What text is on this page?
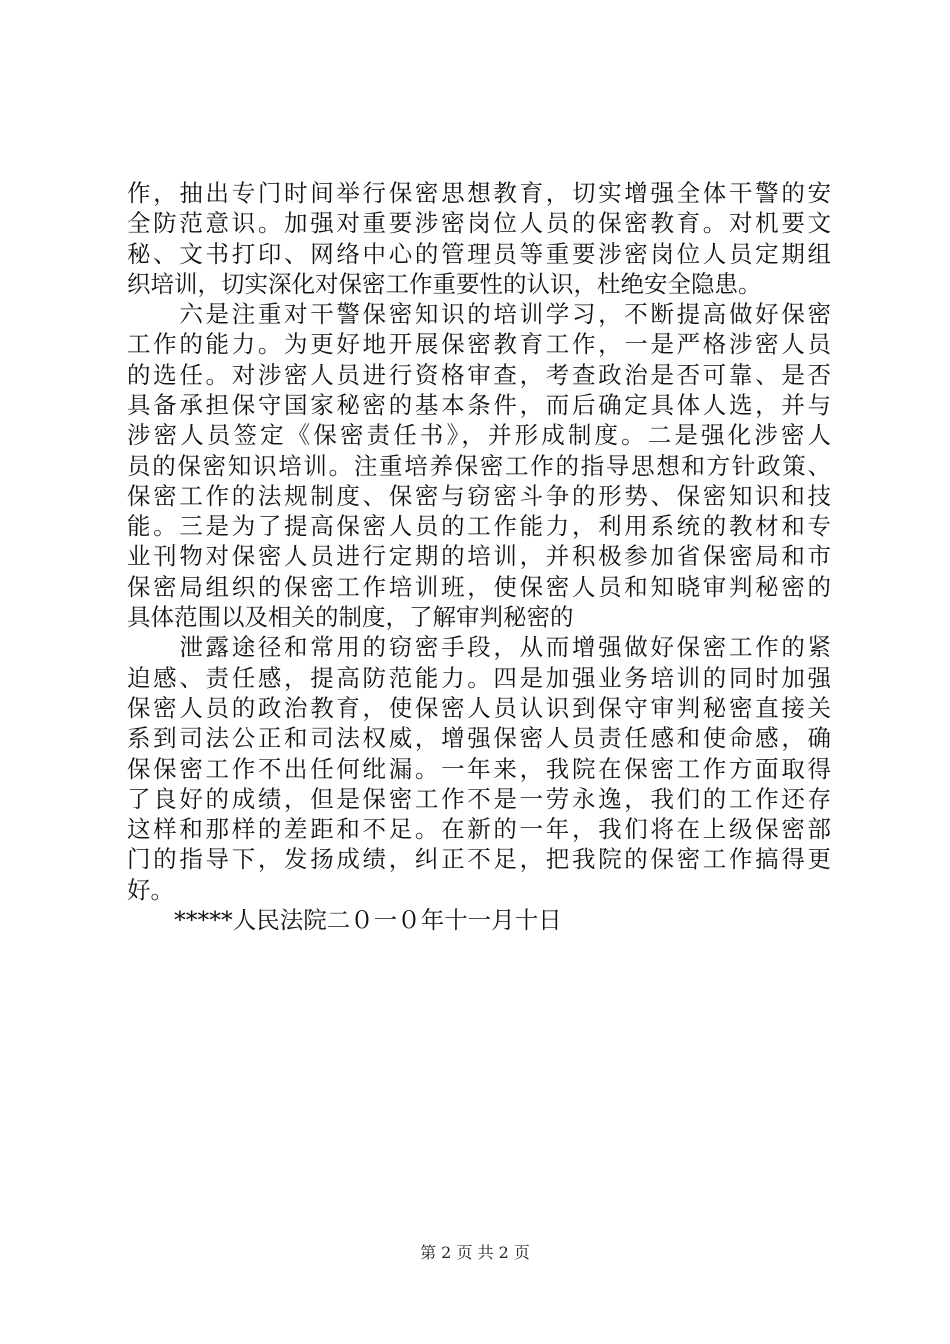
作，抽出专门时间举行保密思想教育，切实增强全体干警的安
全防范意识。加强对重要涉密岗位人员的保密教育。对机要文
秘、文书打印、网络中心的管理员等重要涉密岗位人员定期组
织培训，切实深化对保密工作重要性的认识，杜绝安全隐患。
　　六是注重对干警保密知识的培训学习，不断提高做好保密
工作的能力。为更好地开展保密教育工作，一是严格涉密人员
的选任。对涉密人员进行资格审查，考查政治是否可靠、是否
具备承担保守国家秘密的基本条件，而后确定具体人选，并与
涉密人员签定《保密责任书》，并形成制度。二是强化涉密人
员的保密知识培训。注重培养保密工作的指导思想和方针政策、
保密工作的法规制度、保密与窃密斗争的形势、保密知识和技
能。三是为了提高保密人员的工作能力，利用系统的教材和专
业刊物对保密人员进行定期的培训，并积极参加省保密局和市
保密局组织的保密工作培训班，使保密人员和知晓审判秘密的
具体范围以及相关的制度，了解审判秘密的
　　泄露途径和常用的窃密手段，从而增强做好保密工作的紧
迫感、责任感，提高防范能力。四是加强业务培训的同时加强
保密人员的政治教育，使保密人员认识到保守审判秘密直接关
系到司法公正和司法权威，增强保密人员责任感和使命感，确
保保密工作不出任何纰漏。一年来，我院在保密工作方面取得
了良好的成绩，但是保密工作不是一劳永逸，我们的工作还存
这样和那样的差距和不足。在新的一年，我们将在上级保密部
门的指导下，发扬成绩，纠正不足，把我院的保密工作搞得更
好。
　　*****人民法院二０一０年十一月十日
第 2 页 共 2 页
